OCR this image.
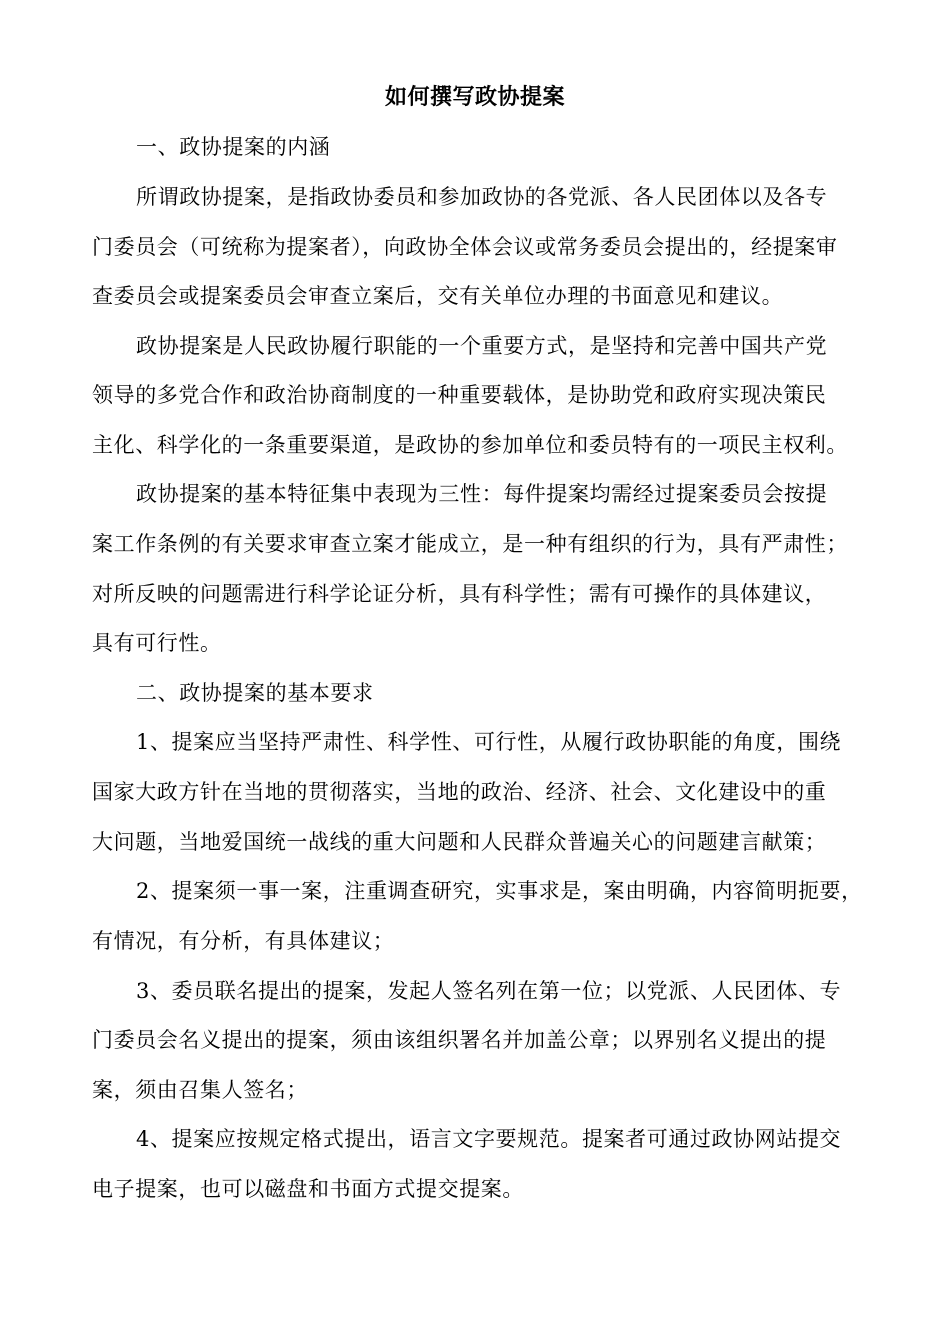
如何撰写政协提案
一、政协提案的内涵
所谓政协提案，是指政协委员和参加政协的各党派、各人民团体以及各专
门委员会（可统称为提案者），向政协全体会议或常务委员会提出的，经提案审
查委员会或提案委员会审查立案后，交有关单位办理的书面意见和建议。
政协提案是人民政协履行职能的一个重要方式，是坚持和完善中国共产党
领导的多党合作和政治协商制度的一种重要载体，是协助党和政府实现决策民
主化、科学化的一条重要渠道，是政协的参加单位和委员特有的一项民主权利。
政协提案的基本特征集中表现为三性：每件提案均需经过提案委员会按提
案工作条例的有关要求审查立案才能成立，是一种有组织的行为，具有严肃性；
对所反映的问题需进行科学论证分析，具有科学性；需有可操作的具体建议，
具有可行性。
二、政协提案的基本要求
1、提案应当坚持严肃性、科学性、可行性，从履行政协职能的角度，围绕
国家大政方针在当地的贯彻落实，当地的政治、经济、社会、文化建设中的重
大问题，当地爱国统一战线的重大问题和人民群众普遍关心的问题建言献策；
2、提案须一事一案，注重调查研究，实事求是，案由明确，内容简明扼要，
有情况，有分析，有具体建议；
3、委员联名提出的提案，发起人签名列在第一位；以党派、人民团体、专
门委员会名义提出的提案，须由该组织署名并加盖公章；以界别名义提出的提
案，须由召集人签名；
4、提案应按规定格式提出，语言文字要规范。提案者可通过政协网站提交
电子提案，也可以磁盘和书面方式提交提案。
